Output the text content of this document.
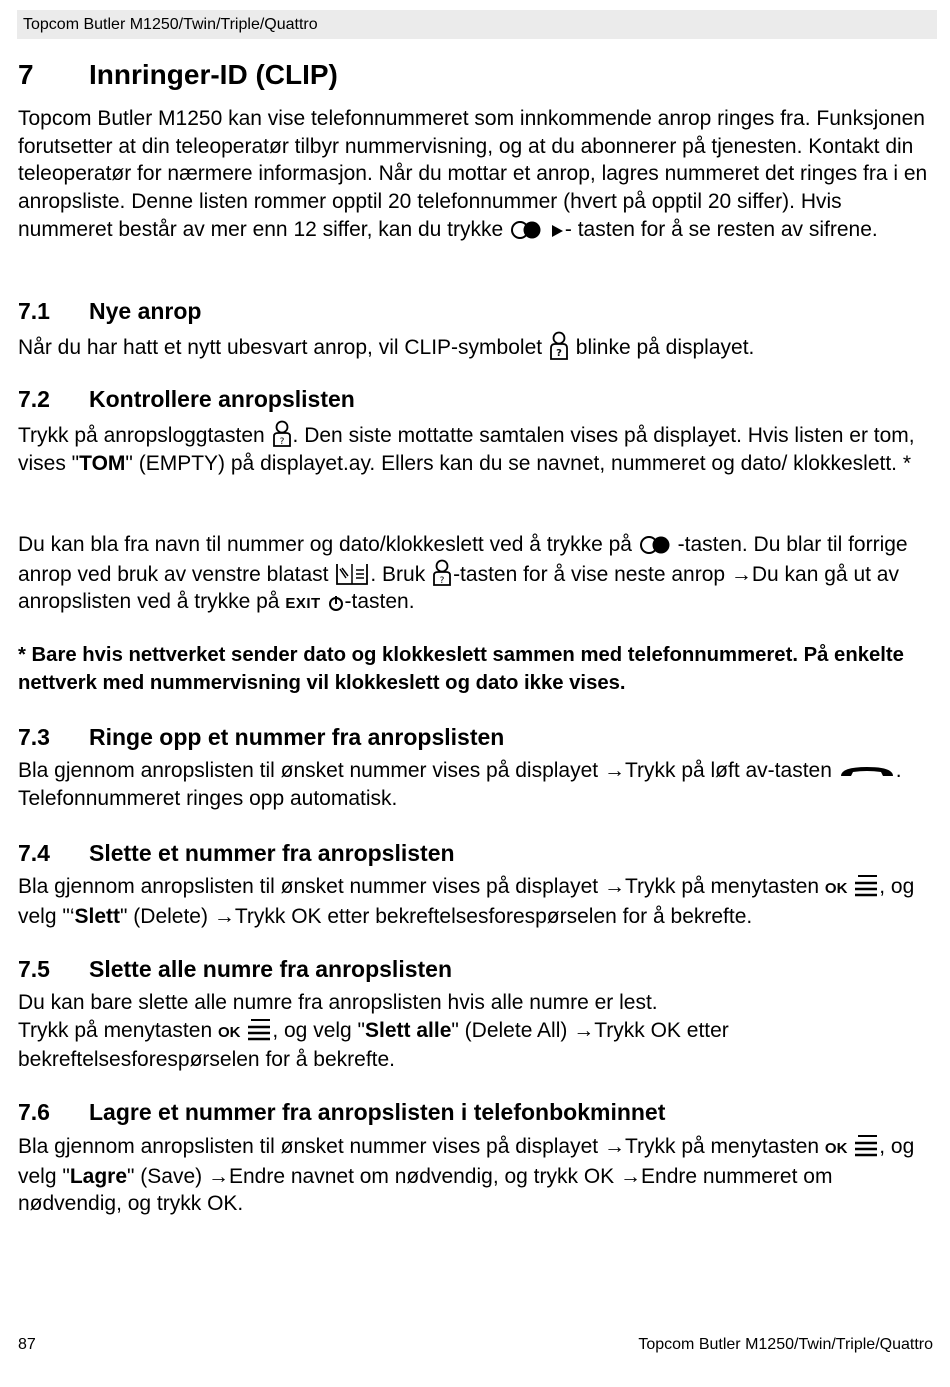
Topcom Butler M1250/Twin/Triple/Quattro
7 Innringer-ID (CLIP)

Topcom Butler M1250 kan vise telefonnummeret som innkommende anrop ringes fra. Funksjonen forutsetter at din teleoperatør tilbyr nummervisning, og at du abonnerer på tjenesten. Kontakt din teleoperatør for nærmere informasjon. Når du mottar et anrop, lagres nummeret det ringes fra i en anropsliste. Denne listen rommer opptil 20 telefonnummer (hvert på opptil 20 siffer). Hvis nummeret består av mer enn 12 siffer, kan du trykke	- tasten for å se resten av sifrene.

7.1 Nye anrop

Når du har hatt et nytt ubesvart anrop, vil CLIP-symbolet ? blinke på displayet.

7.2 Kontrollere anropslisten

Trykk på anropsloggtasten ? . Den siste mottatte samtalen vises på displayet. Hvis listen er tom, vises "TOM" (EMPTY) på displayet.ay. Ellers kan du se navnet, nummeret og dato/ klokkeslett. *

Du kan bla fra navn til nummer og dato/klokkeslett ved å trykke på -tasten. Du blar til forrige anrop ved bruk av venstre blatast . Bruk ? -tasten for å vise neste anrop →Du kan gå ut av anropslisten ved å trykke på EXIT -tasten.

* Bare hvis nettverket sender dato og klokkeslett sammen med telefonnummeret. På enkelte nettverk med nummervisning vil klokkeslett og dato ikke vises.

7.3 Ringe opp et nummer fra anropslisten

Bla gjennom anropslisten til ønsket nummer vises på displayet →Trykk på løft av-tasten	. Telefonnummeret ringes opp automatisk.

7.4 Slette et nummer fra anropslisten

Bla gjennom anropslisten til ønsket nummer vises på displayet →Trykk på menytasten OK , og velg "‘Slett" (Delete) →Trykk OK etter bekreftelsesforespørselen for å bekrefte.

7.5 Slette alle numre fra anropslisten

Du kan bare slette alle numre fra anropslisten hvis alle numre er lest.
Trykk på menytasten OK , og velg "Slett alle" (Delete All) →Trykk OK etter bekreftelsesforespørselen for å bekrefte.

7.6 Lagre et nummer fra anropslisten i telefonbokminnet

Bla gjennom anropslisten til ønsket nummer vises på displayet →Trykk på menytasten OK , og velg "Lagre" (Save) →Endre navnet om nødvendig, og trykk OK →Endre nummeret om nødvendig, og trykk OK.

87	Topcom Butler M1250/Twin/Triple/Quattro
